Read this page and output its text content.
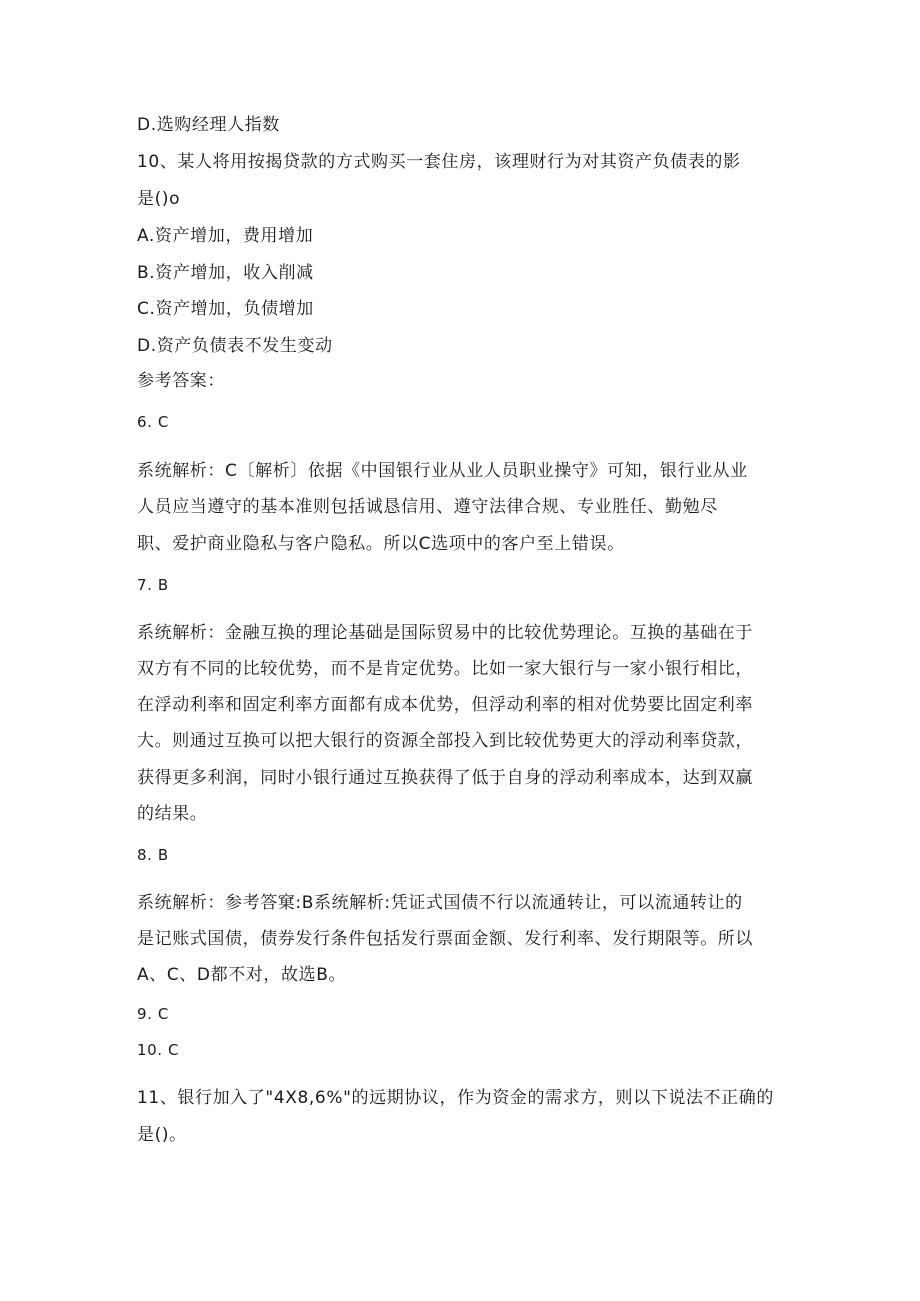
D.选购经理人指数
10、某人将用按揭贷款的方式购买一套住房，该理财行为对其资产负债表的影
是()o
A.资产增加，费用增加
B.资产增加，收入削减
C.资产增加，负债增加
D.资产负债表不发生变动
参考答案：
6. C
系统解析：C〔解析〕依据《中国银行业从业人员职业操守》可知，银行业从业
人员应当遵守的基本准则包括诚恳信用、遵守法律合规、专业胜任、勤勉尽
职、爱护商业隐私与客户隐私。所以C选项中的客户至上错误。
7. B
系统解析：金融互换的理论基础是国际贸易中的比较优势理论。互换的基础在于
双方有不同的比较优势，而不是肯定优势。比如一家大银行与一家小银行相比，
在浮动利率和固定利率方面都有成本优势，但浮动利率的相对优势要比固定利率
大。则通过互换可以把大银行的资源全部投入到比较优势更大的浮动利率贷款，
获得更多利润，同时小银行通过互换获得了低于自身的浮动利率成本，达到双赢
的结果。
8. B
系统解析：参考答窠:B系统解析:凭证式国债不行以流通转让，可以流通转让的
是记账式国债，债券发行条件包括发行票面金额、发行利率、发行期限等。所以
A、C、D都不对，故选B。
9. C
10. C
11、银行加入了"4X8,6%"的远期协议，作为资金的需求方，则以下说法不正确的
是()。
